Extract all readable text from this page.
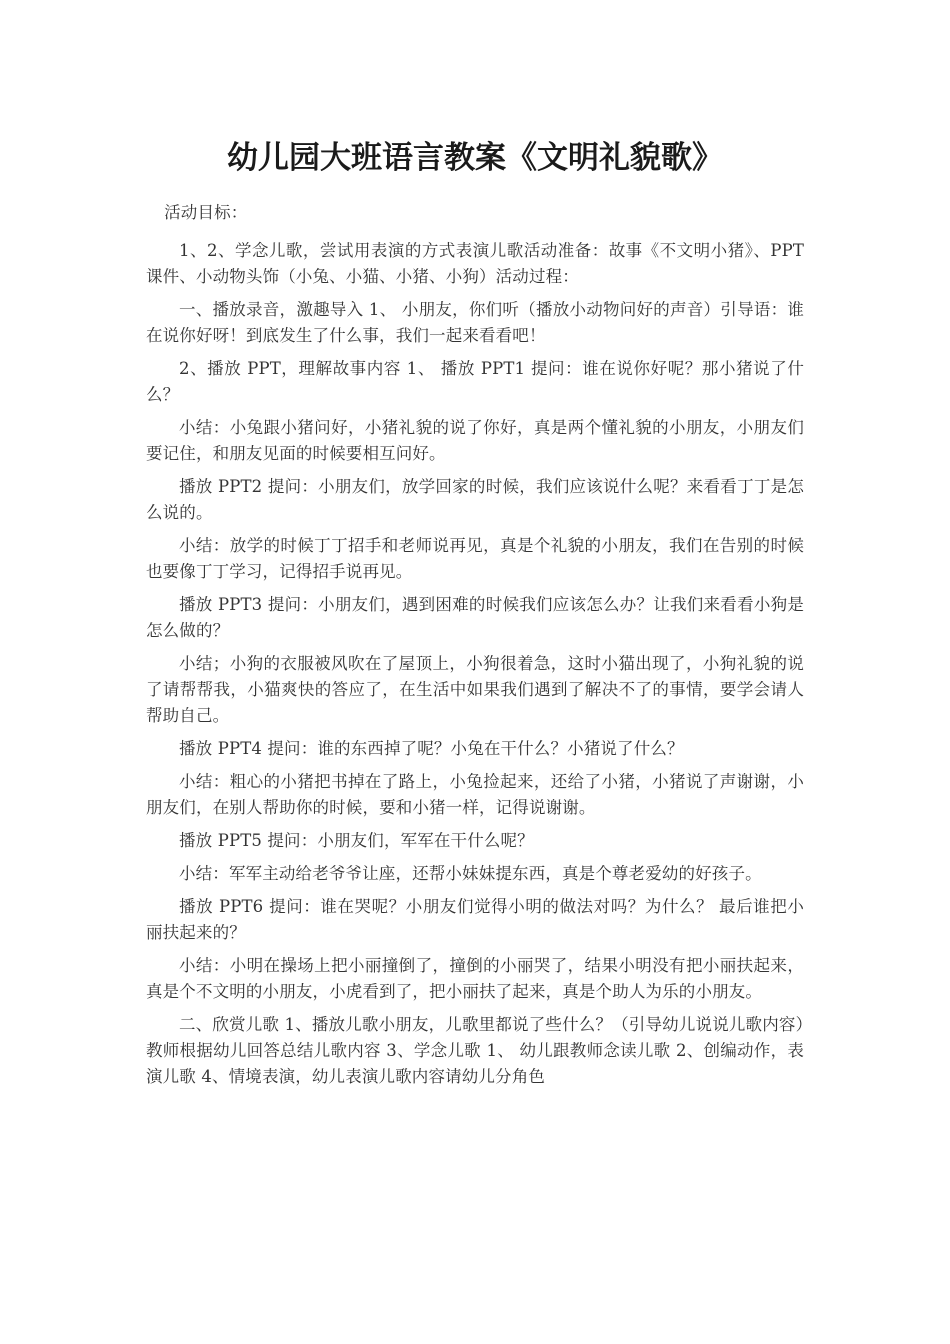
幼儿园大班语言教案《文明礼貌歌》

活动目标：

1、2、学念儿歌，尝试用表演的方式表演儿歌活动准备：故事《不文明小猪》、PPT课件、小动物头饰（小兔、小猫、小猪、小狗）活动过程：

一、播放录音，激趣导入 1、 小朋友，你们听（播放小动物问好的声音）引导语：谁在说你好呀！到底发生了什么事，我们一起来看看吧！

2、播放 PPT，理解故事内容 1、 播放 PPT1 提问：谁在说你好呢？那小猪说了什么？

小结：小兔跟小猪问好，小猪礼貌的说了你好，真是两个懂礼貌的小朋友，小朋友们要记住，和朋友见面的时候要相互问好。

播放 PPT2 提问：小朋友们，放学回家的时候，我们应该说什么呢？来看看丁丁是怎么说的。

小结：放学的时候丁丁招手和老师说再见，真是个礼貌的小朋友，我们在告别的时候也要像丁丁学习，记得招手说再见。

播放 PPT3 提问：小朋友们，遇到困难的时候我们应该怎么办？让我们来看看小狗是怎么做的？

小结；小狗的衣服被风吹在了屋顶上，小狗很着急，这时小猫出现了，小狗礼貌的说了请帮帮我，小猫爽快的答应了，在生活中如果我们遇到了解决不了的事情，要学会请人帮助自己。

播放 PPT4 提问：谁的东西掉了呢？小兔在干什么？小猪说了什么？

小结：粗心的小猪把书掉在了路上，小兔捡起来，还给了小猪，小猪说了声谢谢，小朋友们，在别人帮助你的时候，要和小猪一样，记得说谢谢。

播放 PPT5 提问：小朋友们，军军在干什么呢？

小结：军军主动给老爷爷让座，还帮小妹妹提东西，真是个尊老爱幼的好孩子。

播放 PPT6 提问：谁在哭呢？小朋友们觉得小明的做法对吗？为什么？ 最后谁把小丽扶起来的？

小结：小明在操场上把小丽撞倒了，撞倒的小丽哭了，结果小明没有把小丽扶起来，真是个不文明的小朋友，小虎看到了，把小丽扶了起来，真是个助人为乐的小朋友。

二、欣赏儿歌 1、播放儿歌小朋友，儿歌里都说了些什么？（引导幼儿说说儿歌内容）教师根据幼儿回答总结儿歌内容 3、学念儿歌 1、 幼儿跟教师念读儿歌 2、创编动作，表演儿歌 4、情境表演，幼儿表演儿歌内容请幼儿分角色
